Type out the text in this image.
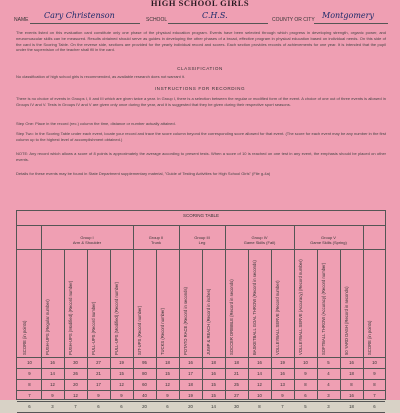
HIGH SCHOOL GIRLS
NAME Cary Christenson	SCHOOL	C.H.S.	COUNTY OR CITY Montgomery
The events listed on this evaluation card constitute only one phase of the physical education program. Events have been selected through which progress in developing strength, organic power, and neuromuscular skills can be measured. Results obtained should serve as guides in developing the other phases of a broad, effective program in physical education based on individual needs. On this side of the card is the Scoring Table. On the reverse side, sections are provided for the yearly individual record and scores. Each section provides records of achievements for one year. It is intended that the pupil under the supervision of the teacher shall fill in the card.
CLASSIFICATION
No classification of high school girls is recommended, as available research does not warrant it.
INSTRUCTIONS FOR RECORDING
There is no choice of events in Groups I, II and III which are given twice a year. In Group I, there is a selection between the regular or modified form of the event. A choice of one out of three events is allowed in Groups IV and V. Tests in Groups IV and V are given only once during the year, and it is suggested that they be given during their respective sport seasons.
Step One: Place in the record (rec.) column the time, distance or number actually attained.
Step Two: In the Scoring Table under each event, locate your record and trace the score column beyond the corresponding score allowed for that event. (The score for each event may be any number in the first column up to the highest level of accomplishment obtained.)
NOTE: Any record which allows a score of 8 points is approximately the average according to present tests. When a score of 10 is reached on one test in any event, the emphasis should be placed on other events.
Details for these events may be found in State Department supplementary material, "Guide of Testing Activities for High School Girls" (File g-4a)
SCORING TABLE
Group I
Arm & Shoulder
Group II
Trunk
Group III
Leg
Group IV
Game Skills (Fall)
Group V
Game Skills (Spring)
SCORE (in points)	PUSH-UPS (Regular number)	PUSH-UPS (Modified) (Record number)	PULL-UPS (Record number)	PULL-UPS (Modified) (Record number)	SIT-UPS (Record number)	TUCKS (Record number)	POTATO RACE (Record in seconds)	JUMP & REACH (Record in inches)	SOCCER DRIBBLE (Record in seconds)	BASKETBALL GOAL THROW (Record in seconds)	VOLLEYBALL SERVE (Record number)	VOLLEYBALL SERVE (Accuracy) (Record number)	SOFTBALL THROW (Accuracy) (Record number)	50 YARD DASH (Record in seconds)	SCORE (in points)
10	16	30	27	19	95	18	16	18	18	16	19	10	5	16	10
9	14	26	21	15	80	15	17	16	21	14	16	9	4	18	9
8	12	20	17	12	60	12	18	15	25	12	13	8	4	8	8
7	9	12	9	9	40	9	19	15	27	10	9	6	3	16	7
6	3	7	6	6	20	6	20	14	30	8	7	5	3	18	6
